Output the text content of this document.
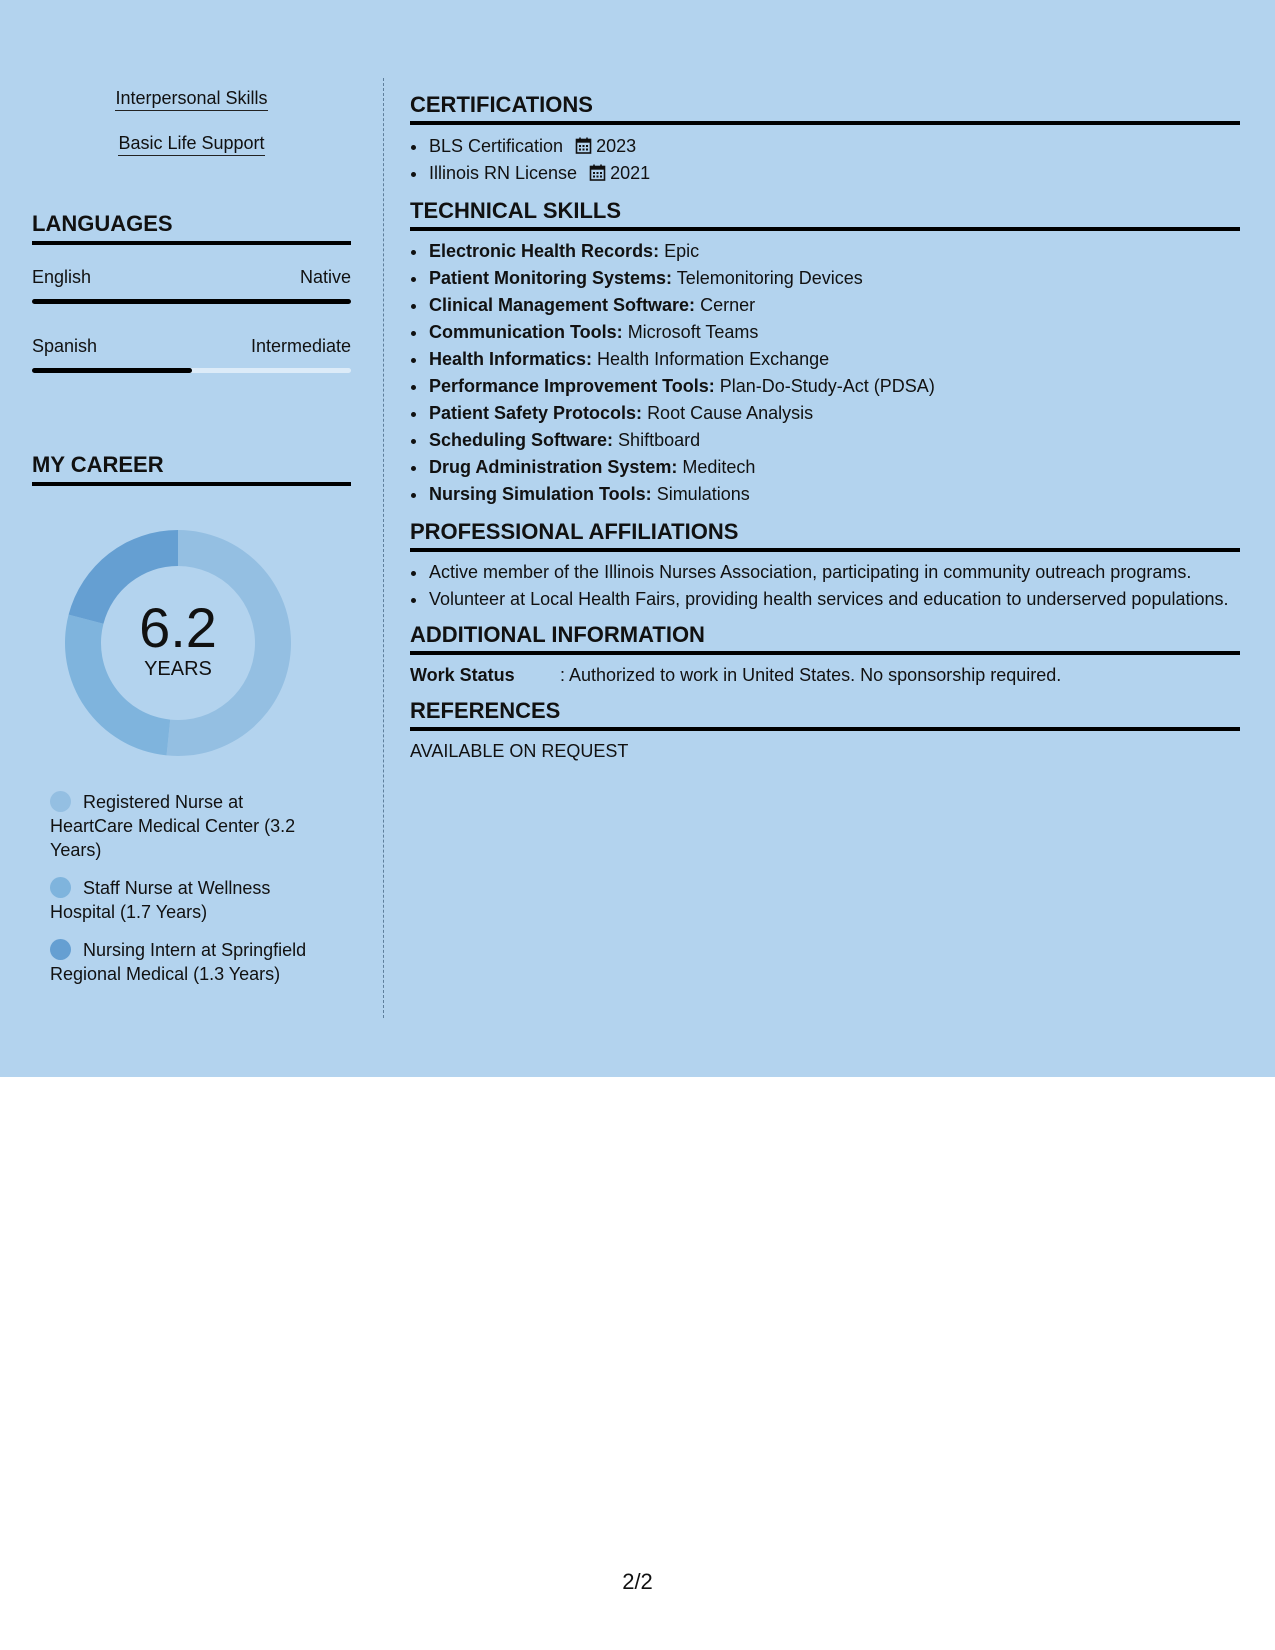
Interpersonal Skills
Basic Life Support
LANGUAGES
English	Native
Spanish	Intermediate
MY CAREER
6.2
YEARS
Registered Nurse at HeartCare Medical Center (3.2 Years)
Staff Nurse at Wellness Hospital (1.7 Years)
Nursing Intern at Springfield Regional Medical (1.3 Years)
CERTIFICATIONS
• BLS Certification 2023
• Illinois RN License 2021
TECHNICAL SKILLS
• Electronic Health Records: Epic
• Patient Monitoring Systems: Telemonitoring Devices
• Clinical Management Software: Cerner
• Communication Tools: Microsoft Teams
• Health Informatics: Health Information Exchange
• Performance Improvement Tools: Plan-Do-Study-Act (PDSA)
• Patient Safety Protocols: Root Cause Analysis
• Scheduling Software: Shiftboard
• Drug Administration System: Meditech
• Nursing Simulation Tools: Simulations
PROFESSIONAL AFFILIATIONS
• Active member of the Illinois Nurses Association, participating in community outreach programs.
• Volunteer at Local Health Fairs, providing health services and education to underserved populations.
ADDITIONAL INFORMATION
Work Status	: Authorized to work in United States. No sponsorship required.
REFERENCES
AVAILABLE ON REQUEST
2/2
